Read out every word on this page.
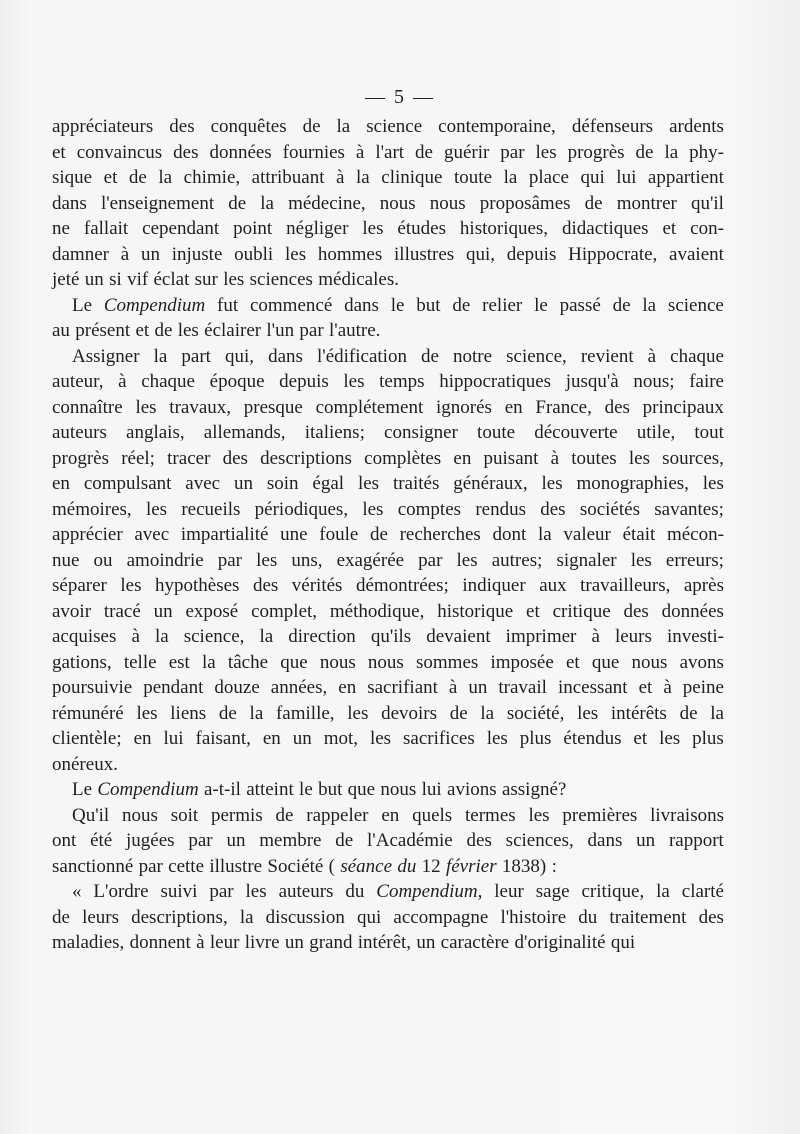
— 5 —
appréciateurs des conquêtes de la science contemporaine, défenseurs ardents
et convaincus des données fournies à l'art de guérir par les progrès de la phy-
sique et de la chimie, attribuant à la clinique toute la place qui lui appartient
dans l'enseignement de la médecine, nous nous proposâmes de montrer qu'il
ne fallait cependant point négliger les études historiques, didactiques et con-
damner à un injuste oubli les hommes illustres qui, depuis Hippocrate, avaient
jeté un si vif éclat sur les sciences médicales.
Le Compendium fut commencé dans le but de relier le passé de la science
au présent et de les éclairer l'un par l'autre.
Assigner la part qui, dans l'édification de notre science, revient à chaque
auteur, à chaque époque depuis les temps hippocratiques jusqu'à nous; faire
connaître les travaux, presque complétement ignorés en France, des principaux
auteurs anglais, allemands, italiens; consigner toute découverte utile, tout
progrès réel; tracer des descriptions complètes en puisant à toutes les sources,
en compulsant avec un soin égal les traités généraux, les monographies, les
mémoires, les recueils périodiques, les comptes rendus des sociétés savantes;
apprécier avec impartialité une foule de recherches dont la valeur était mécon-
nue ou amoindrie par les uns, exagérée par les autres; signaler les erreurs;
séparer les hypothèses des vérités démontrées; indiquer aux travailleurs, après
avoir tracé un exposé complet, méthodique, historique et critique des données
acquises à la science, la direction qu'ils devaient imprimer à leurs investi-
gations, telle est la tâche que nous nous sommes imposée et que nous avons
poursuivie pendant douze années, en sacrifiant à un travail incessant et à peine
rémunéré les liens de la famille, les devoirs de la société, les intérêts de la
clientèle; en lui faisant, en un mot, les sacrifices les plus étendus et les plus
onéreux.
Le Compendium a-t-il atteint le but que nous lui avions assigné?
Qu'il nous soit permis de rappeler en quels termes les premières livraisons
ont été jugées par un membre de l'Académie des sciences, dans un rapport
sanctionné par cette illustre Société ( séance du 12 février 1838) :
« L'ordre suivi par les auteurs du Compendium, leur sage critique, la clarté
de leurs descriptions, la discussion qui accompagne l'histoire du traitement des
maladies, donnent à leur livre un grand intérêt, un caractère d'originalité qui
